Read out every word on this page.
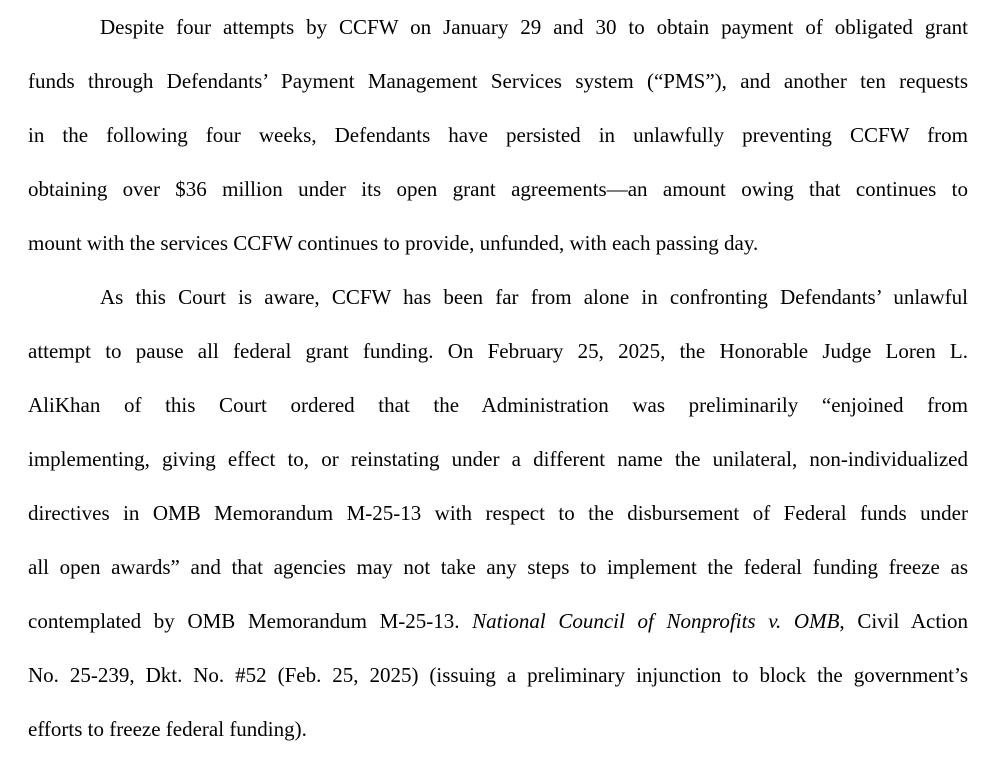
Despite four attempts by CCFW on January 29 and 30 to obtain payment of obligated grant
funds through Defendants’ Payment Management Services system (“PMS”), and another ten requests
in the following four weeks, Defendants have persisted in unlawfully preventing CCFW from
obtaining over $36 million under its open grant agreements—an amount owing that continues to
mount with the services CCFW continues to provide, unfunded, with each passing day.
As this Court is aware, CCFW has been far from alone in confronting Defendants’ unlawful
attempt to pause all federal grant funding. On February 25, 2025, the Honorable Judge Loren L.
AliKhan of this Court ordered that the Administration was preliminarily “enjoined from
implementing, giving effect to, or reinstating under a different name the unilateral, non-individualized
directives in OMB Memorandum M-25-13 with respect to the disbursement of Federal funds under
all open awards” and that agencies may not take any steps to implement the federal funding freeze as
contemplated by OMB Memorandum M-25-13. National Council of Nonprofits v. OMB, Civil Action
No. 25-239, Dkt. No. #52 (Feb. 25, 2025) (issuing a preliminary injunction to block the government’s
efforts to freeze federal funding).
